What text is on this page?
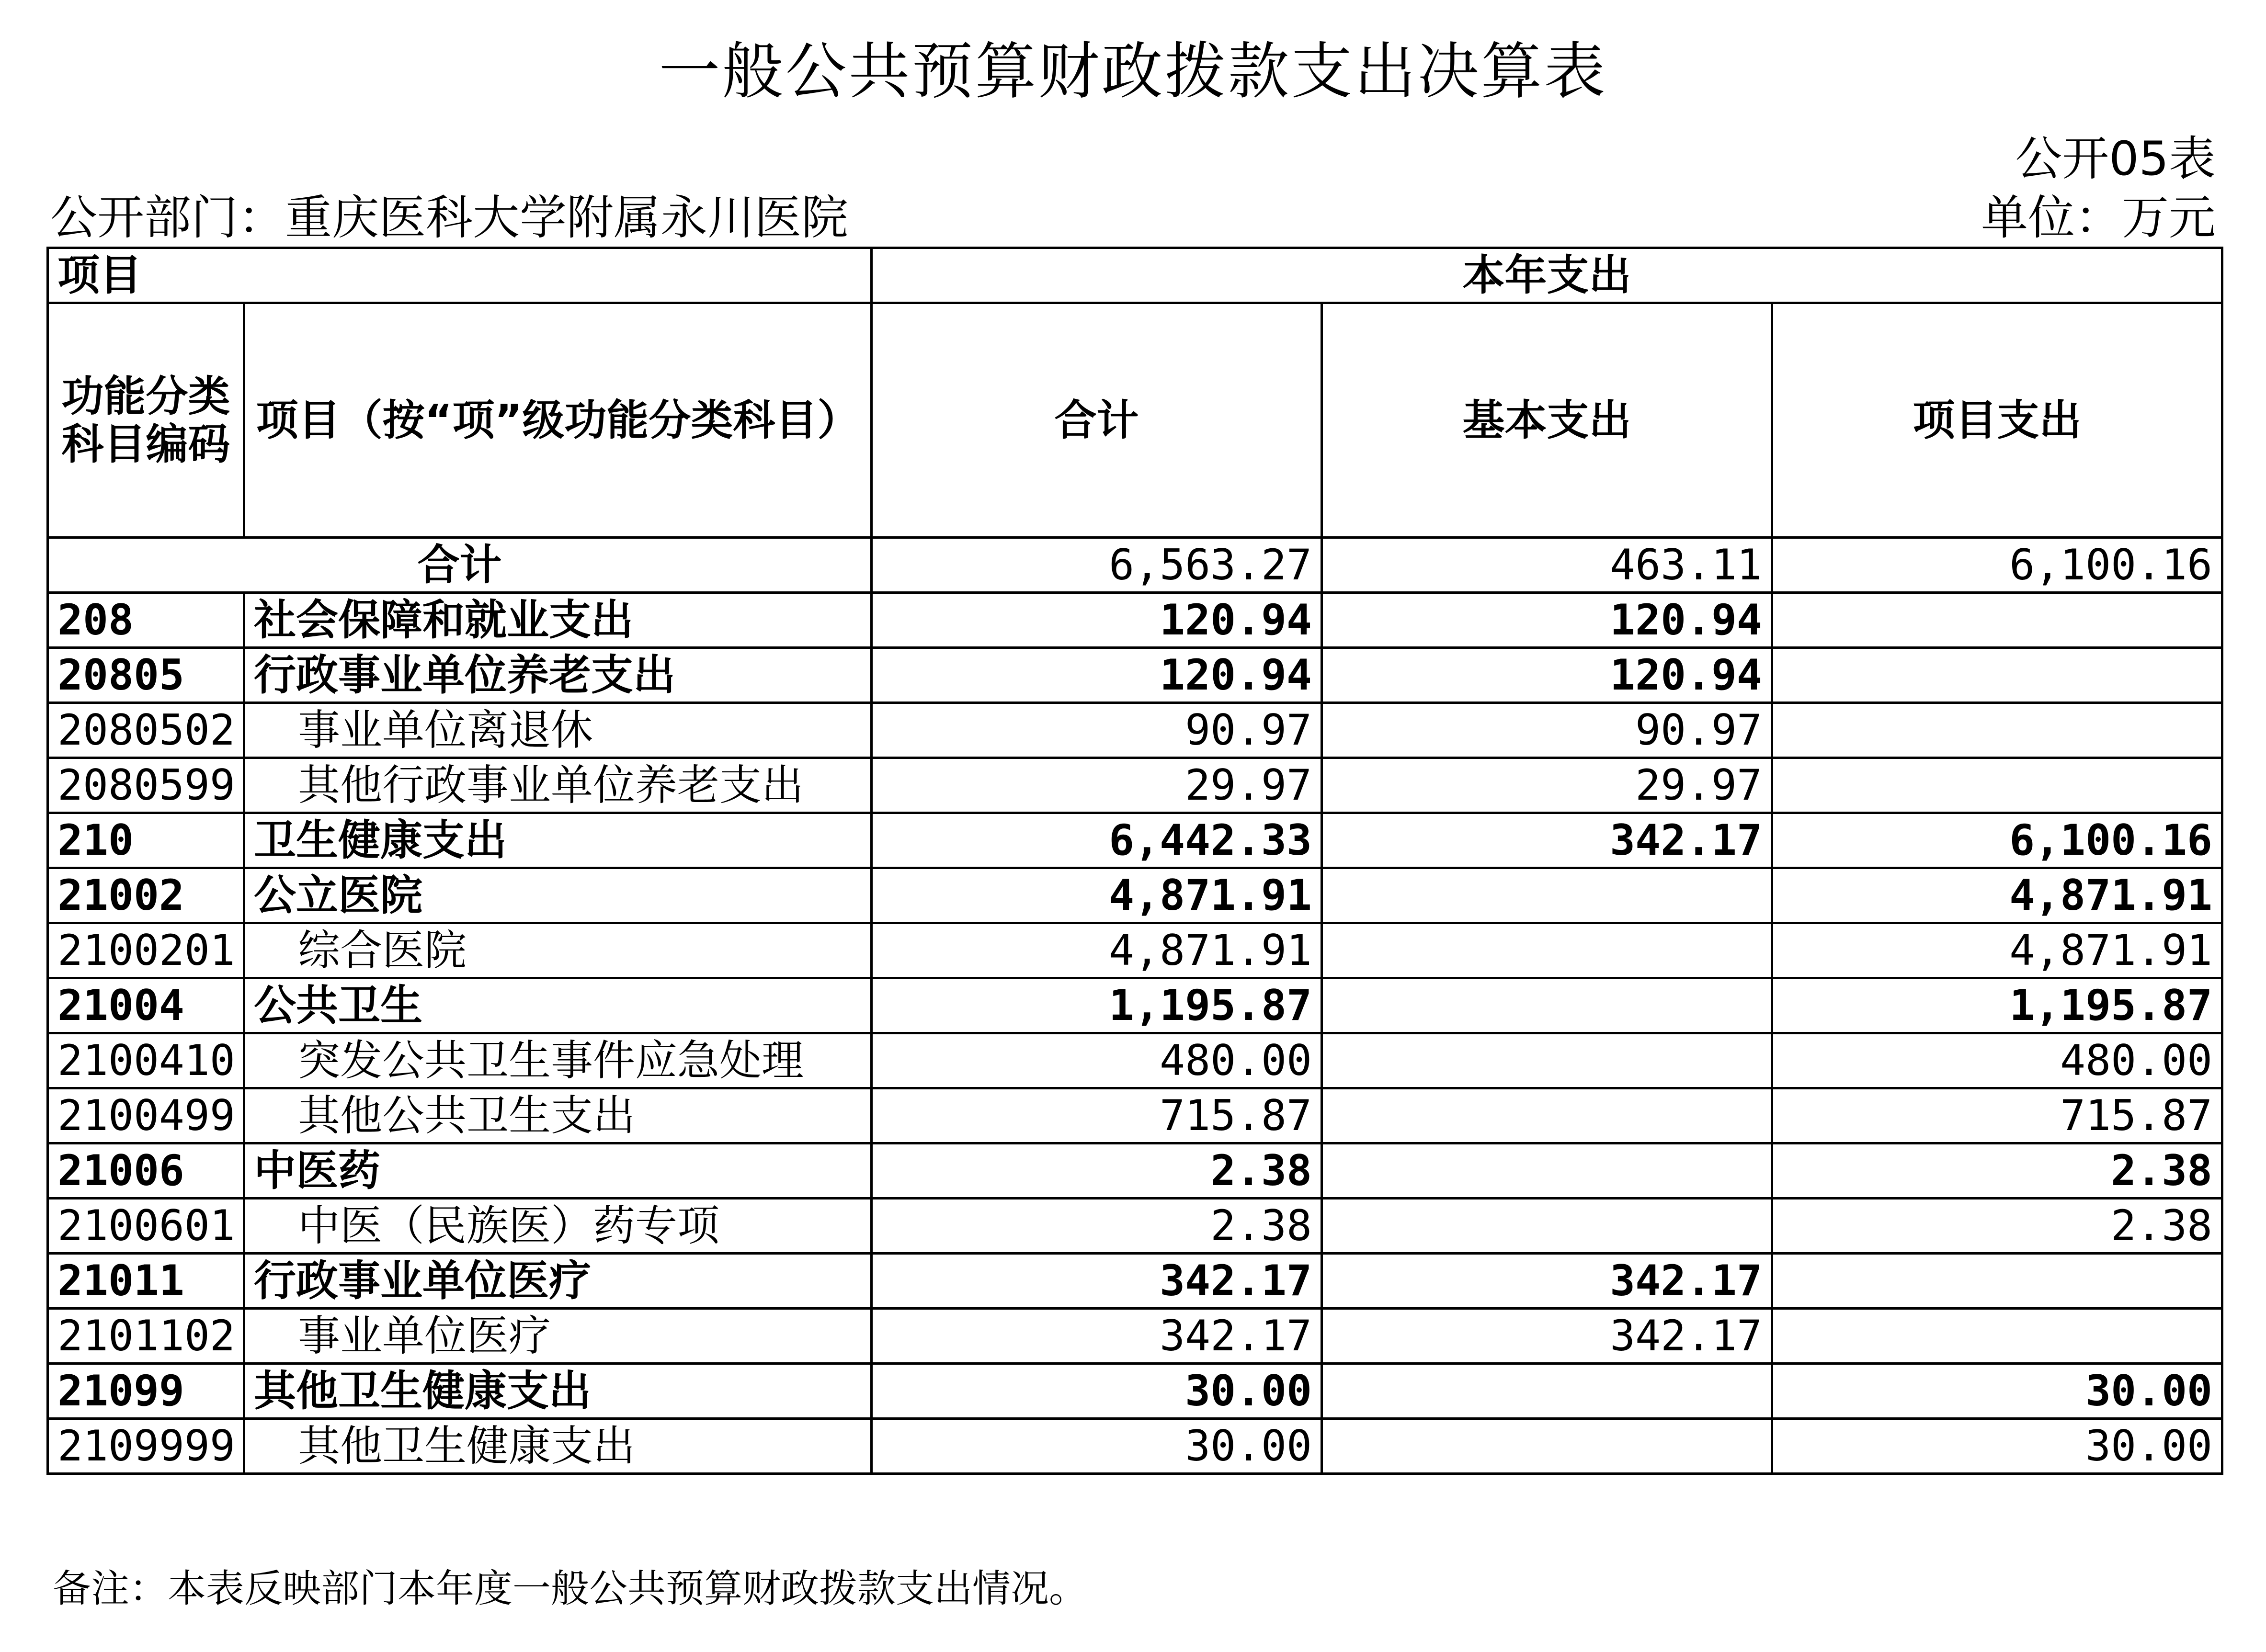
一般公共预算财政拨款支出决算表
公开05表
公开部门：重庆医科大学附属永川医院	单位：万元
项目		本年支出		
功能分类科目编码	项目（按“项”级功能分类科目）	合计	基本支出	项目支出
合计		6,563.27	463.11	6,100.16
208	社会保障和就业支出	120.94	120.94	
20805	行政事业单位养老支出	120.94	120.94	
2080502	事业单位离退休	90.97	90.97	
2080599	其他行政事业单位养老支出	29.97	29.97	
210	卫生健康支出	6,442.33	342.17	6,100.16
21002	公立医院	4,871.91		4,871.91
2100201	综合医院	4,871.91		4,871.91
21004	公共卫生	1,195.87		1,195.87
2100410	突发公共卫生事件应急处理	480.00		480.00
2100499	其他公共卫生支出	715.87		715.87
21006	中医药	2.38		2.38
2100601	中医（民族医）药专项	2.38		2.38
21011	行政事业单位医疗	342.17	342.17	
2101102	事业单位医疗	342.17	342.17	
21099	其他卫生健康支出	30.00		30.00
2109999	其他卫生健康支出	30.00		30.00
备注：本表反映部门本年度一般公共预算财政拨款支出情况。
